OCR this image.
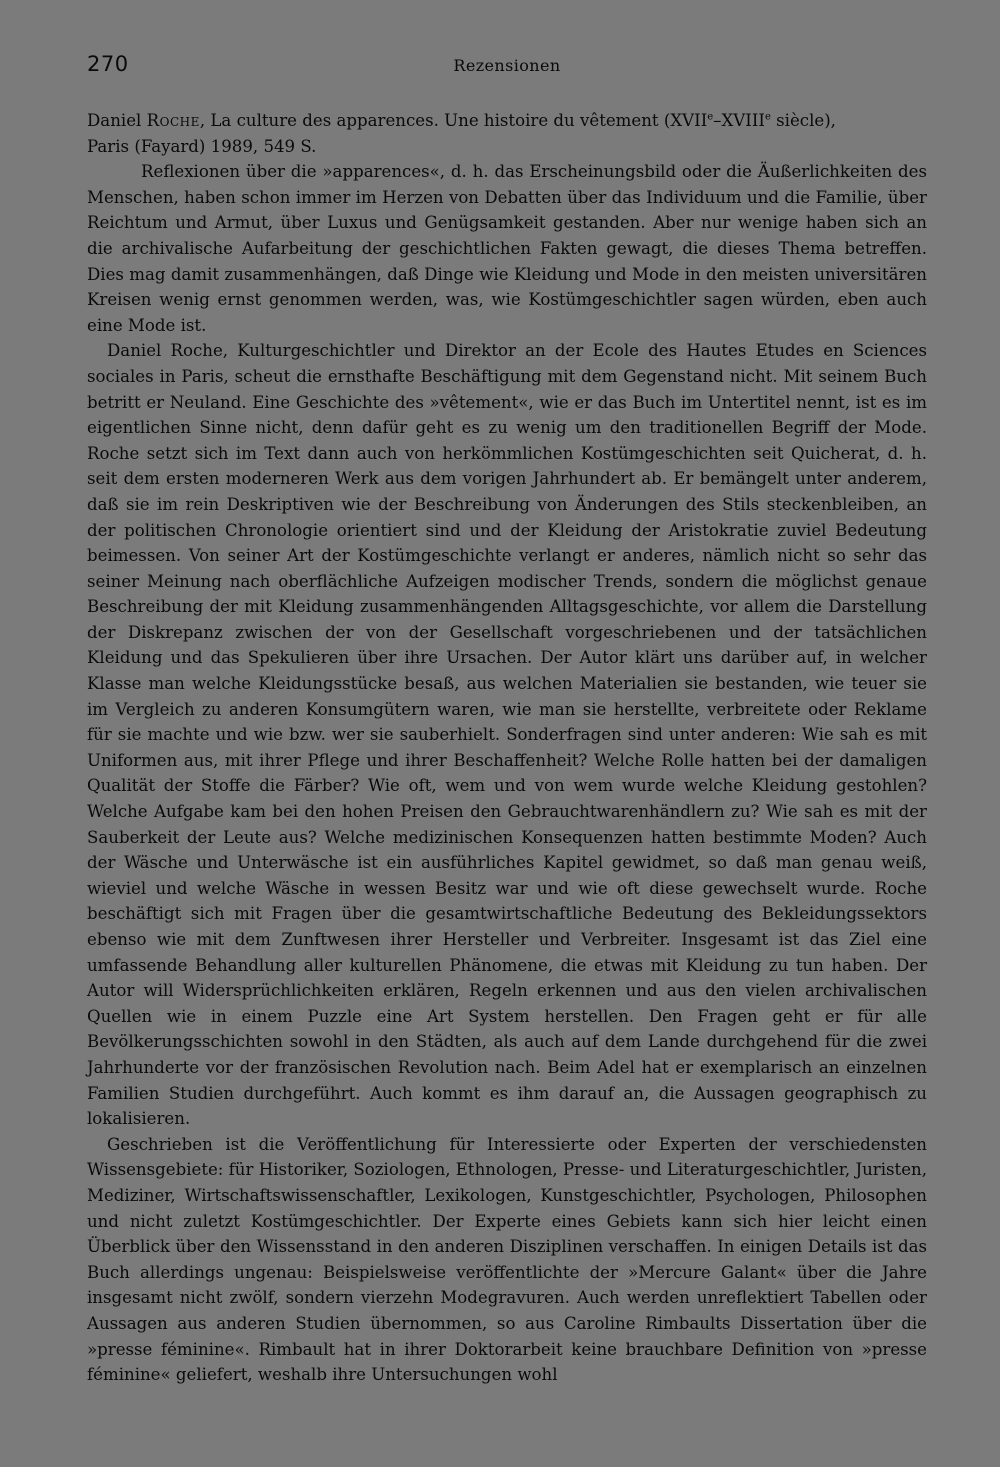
270	Rezensionen

Daniel Roche, La culture des apparences. Une histoire du vêtement (XVIIe–XVIIIe siècle),
Paris (Fayard) 1989, 549 S.

Reflexionen über die »apparences«, d. h. das Erscheinungsbild oder die Äußerlichkeiten des Menschen, haben schon immer im Herzen von Debatten über das Individuum und die Familie, über Reichtum und Armut, über Luxus und Genügsamkeit gestanden. Aber nur wenige haben sich an die archivalische Aufarbeitung der geschichtlichen Fakten gewagt, die dieses Thema betreffen. Dies mag damit zusammenhängen, daß Dinge wie Kleidung und Mode in den meisten universitären Kreisen wenig ernst genommen werden, was, wie Kostümgeschichtler sagen würden, eben auch eine Mode ist.

Daniel Roche, Kulturgeschichtler und Direktor an der Ecole des Hautes Etudes en Sciences sociales in Paris, scheut die ernsthafte Beschäftigung mit dem Gegenstand nicht. Mit seinem Buch betritt er Neuland. Eine Geschichte des »vêtement«, wie er das Buch im Untertitel nennt, ist es im eigentlichen Sinne nicht, denn dafür geht es zu wenig um den traditionellen Begriff der Mode. Roche setzt sich im Text dann auch von herkömmlichen Kostümgeschichten seit Quicherat, d. h. seit dem ersten moderneren Werk aus dem vorigen Jahrhundert ab. Er bemängelt unter anderem, daß sie im rein Deskriptiven wie der Beschreibung von Änderungen des Stils steckenbleiben, an der politischen Chronologie orientiert sind und der Kleidung der Aristokratie zuviel Bedeutung beimessen. Von seiner Art der Kostümgeschichte verlangt er anderes, nämlich nicht so sehr das seiner Meinung nach oberflächliche Aufzeigen modischer Trends, sondern die möglichst genaue Beschreibung der mit Kleidung zusammenhängenden Alltagsgeschichte, vor allem die Darstellung der Diskrepanz zwischen der von der Gesellschaft vorgeschriebenen und der tatsächlichen Kleidung und das Spekulieren über ihre Ursachen. Der Autor klärt uns darüber auf, in welcher Klasse man welche Kleidungsstücke besaß, aus welchen Materialien sie bestanden, wie teuer sie im Vergleich zu anderen Konsumgütern waren, wie man sie herstellte, verbreitete oder Reklame für sie machte und wie bzw. wer sie sauberhielt. Sonderfragen sind unter anderen: Wie sah es mit Uniformen aus, mit ihrer Pflege und ihrer Beschaffenheit? Welche Rolle hatten bei der damaligen Qualität der Stoffe die Färber? Wie oft, wem und von wem wurde welche Kleidung gestohlen? Welche Aufgabe kam bei den hohen Preisen den Gebrauchtwarenhändlern zu? Wie sah es mit der Sauberkeit der Leute aus? Welche medizinischen Konsequenzen hatten bestimmte Moden? Auch der Wäsche und Unterwäsche ist ein ausführliches Kapitel gewidmet, so daß man genau weiß, wieviel und welche Wäsche in wessen Besitz war und wie oft diese gewechselt wurde. Roche beschäftigt sich mit Fragen über die gesamtwirtschaftliche Bedeutung des Bekleidungssektors ebenso wie mit dem Zunftwesen ihrer Hersteller und Verbreiter. Insgesamt ist das Ziel eine umfassende Behandlung aller kulturellen Phänomene, die etwas mit Kleidung zu tun haben. Der Autor will Widersprüchlichkeiten erklären, Regeln erkennen und aus den vielen archivalischen Quellen wie in einem Puzzle eine Art System herstellen. Den Fragen geht er für alle Bevölkerungsschichten sowohl in den Städten, als auch auf dem Lande durchgehend für die zwei Jahrhunderte vor der französischen Revolution nach. Beim Adel hat er exemplarisch an einzelnen Familien Studien durchgeführt. Auch kommt es ihm darauf an, die Aussagen geographisch zu lokalisieren.

Geschrieben ist die Veröffentlichung für Interessierte oder Experten der verschiedensten Wissensgebiete: für Historiker, Soziologen, Ethnologen, Presse- und Literaturgeschichtler, Juristen, Mediziner, Wirtschaftswissenschaftler, Lexikologen, Kunstgeschichtler, Psychologen, Philosophen und nicht zuletzt Kostümgeschichtler. Der Experte eines Gebiets kann sich hier leicht einen Überblick über den Wissensstand in den anderen Disziplinen verschaffen. In einigen Details ist das Buch allerdings ungenau: Beispielsweise veröffentlichte der »Mercure Galant« über die Jahre insgesamt nicht zwölf, sondern vierzehn Modegravuren. Auch werden unreflektiert Tabellen oder Aussagen aus anderen Studien übernommen, so aus Caroline Rimbaults Dissertation über die »presse féminine«. Rimbault hat in ihrer Doktorarbeit keine brauchbare Definition von »presse féminine« geliefert, weshalb ihre Untersuchungen wohl
